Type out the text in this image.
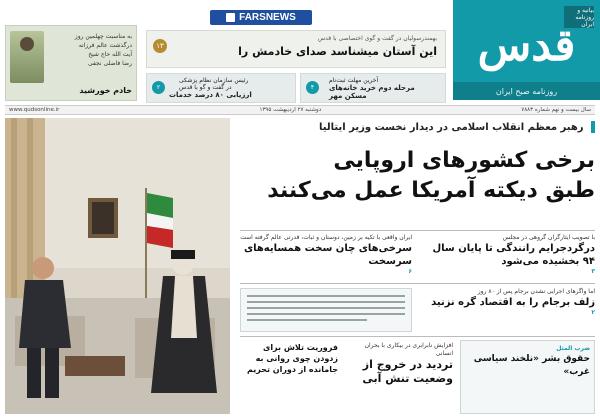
FARSNEWS
بیانیه و روزنامه ایران
قدس
روزنامه صبح ایران
به مناسبت چهلمین روز
درگذشت عالم فرزانه
آیت الله حاج شیخ
رضا فاضلی نجفی
خادم خورشید
بهمندرسولیان در گفت و گوی اختصاصی با قدس
این آستان میشناسد صدای خادمش را
۱۳
رئیس سازمان نظام پزشکی
در گفت و گو با قدس
ارزیابی ۸۰ درصد خدمات
۲
آخرین مهلت ثبت‌نام
مرحله دوم خرید خانه‌های
مسکن مهر
۴
www.qudsonline.ir	دوشنبه ۲۷ اردیبهشت ۱۳۹۵	سال بیست و نهم شماره ۷۸۸۳
رهبر معظم انقلاب اسلامی در دیدار نخست وزیر ایتالیا
برخی کشورهای اروپایی
طبق دیکته آمریکا عمل می‌کنند
با تصویب ایثارگران گروهی در مجلس
درگردجرایم رانندگی تا پایان سال ۹۴ بخشیده می‌شود
۳
ایران واقعی با تکیه بر زمین، دوستان و ثبات، قدرتی عالم گرفته است
سرخی‌های چان سخت همسایه‌های سرسخت
۶
اما واگرهای اجرایی نشدن برجام پس از ۸۰ روز
زلف برجام را به اقتصاد گره نزنید
۲
ضرب المثل
حقوق بشر «نلخند سیاسی غرب»
افزایش نابرابری در بیکاری با بحران انسانی
تردید در خروج از وضعیت تنش آبی
فروریت تلاش برای زدودن چوی روانی به جامانده از دوران تحریم
